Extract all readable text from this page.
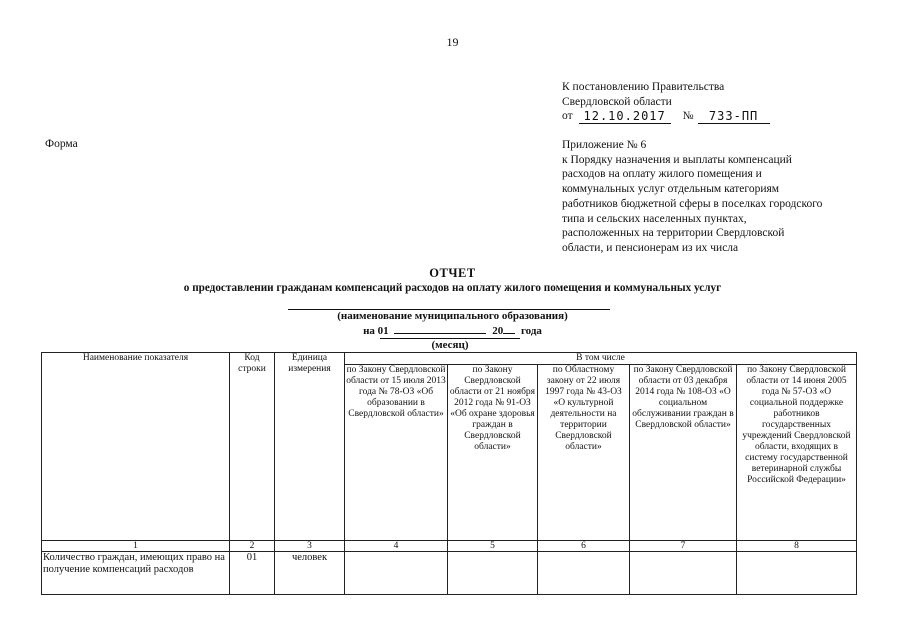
19
К постановлению Правительства
Свердловской области
от 12.10.2017	№	733-ПП
Форма	Приложение № 6
к Порядку назначения и выплаты компенсаций
расходов на оплату жилого помещения и
коммунальных услуг отдельным категориям
работников бюджетной сферы в поселках городского
типа и сельских населенных пунктах,
расположенных на территории Свердловской
области, и пенсионерам из их числа
ОТЧЕТ
о предоставлении гражданам компенсаций расходов на оплату жилого помещения и коммунальных услуг
(наименование муниципального образования)
на 01	20 года
(месяц)
Наименование показателя	Код строки	Единица измерения	В том числе				
			по Закону Свердловской области от 15 июля 2013 года № 78-ОЗ «Об образовании в Свердловской области»	по Закону Свердловской области от 21 ноября 2012 года № 91-ОЗ «Об охране здоровья граждан в Свердловской области»	по Областному закону от 22 июля 1997 года № 43-ОЗ «О культурной деятельности на территории Свердловской области»	по Закону Свердловской области от 03 декабря 2014 года № 108-ОЗ «О социальном обслуживании граждан в Свердловской области»	по Закону Свердловской области от 14 июня 2005 года № 57-ОЗ «О социальной поддержке работников государственных учреждений Свердловской области, входящих в систему государственной ветеринарной службы Российской Федерации»
1	2	3	4	5	6	7	8
Количество граждан, имеющих право на получение компенсаций расходов	01	человек					
